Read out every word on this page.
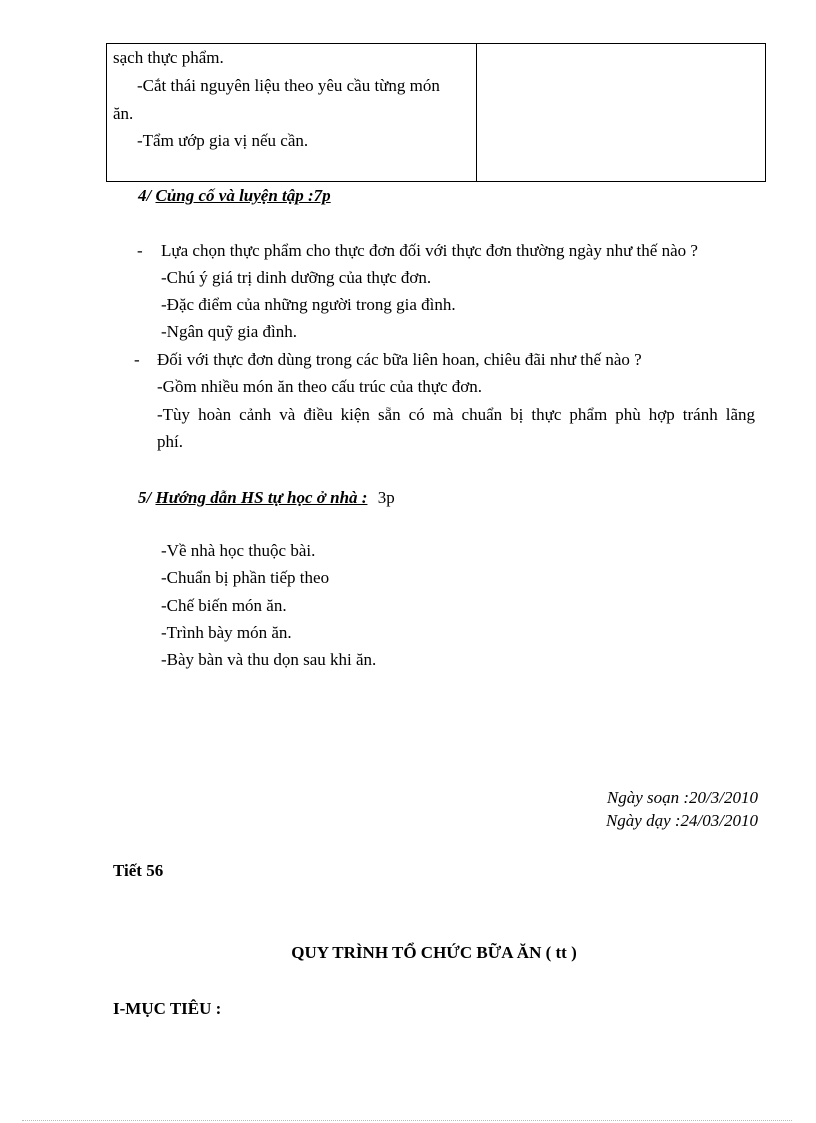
sạch thực phẩm.
-Cắt thái nguyên liệu theo yêu cầu từng món
ăn.
-Tẩm ướp gia vị nếu cần.

4/ Củng cố và luyện tập :7p
- Lựa chọn thực phẩm cho thực đơn đối với thực đơn thường ngày như thế nào ?
-Chú ý giá trị dinh dưỡng của thực đơn.
-Đặc điểm của những người trong gia đình.
-Ngân quỹ gia đình.
- Đối với thực đơn dùng trong các bữa liên hoan, chiêu đãi như thế nào ?
-Gồm nhiều món ăn theo cấu trúc của thực đơn.
-Tùy hoàn cảnh và điều kiện sẵn có mà chuẩn bị thực phẩm phù hợp tránh lãng
phí.
5/ Hướng dẫn HS tự học ở nhà : 3p
-Về nhà học thuộc bài.
-Chuẩn bị phần tiếp theo
-Chế biến món ăn.
-Trình bày món ăn.
-Bày bàn và thu dọn sau khi ăn.
Ngày soạn :20/3/2010
Ngày dạy :24/03/2010
Tiết 56
QUY TRÌNH TỔ CHỨC BỮA ĂN ( tt )
I-MỤC TIÊU :
